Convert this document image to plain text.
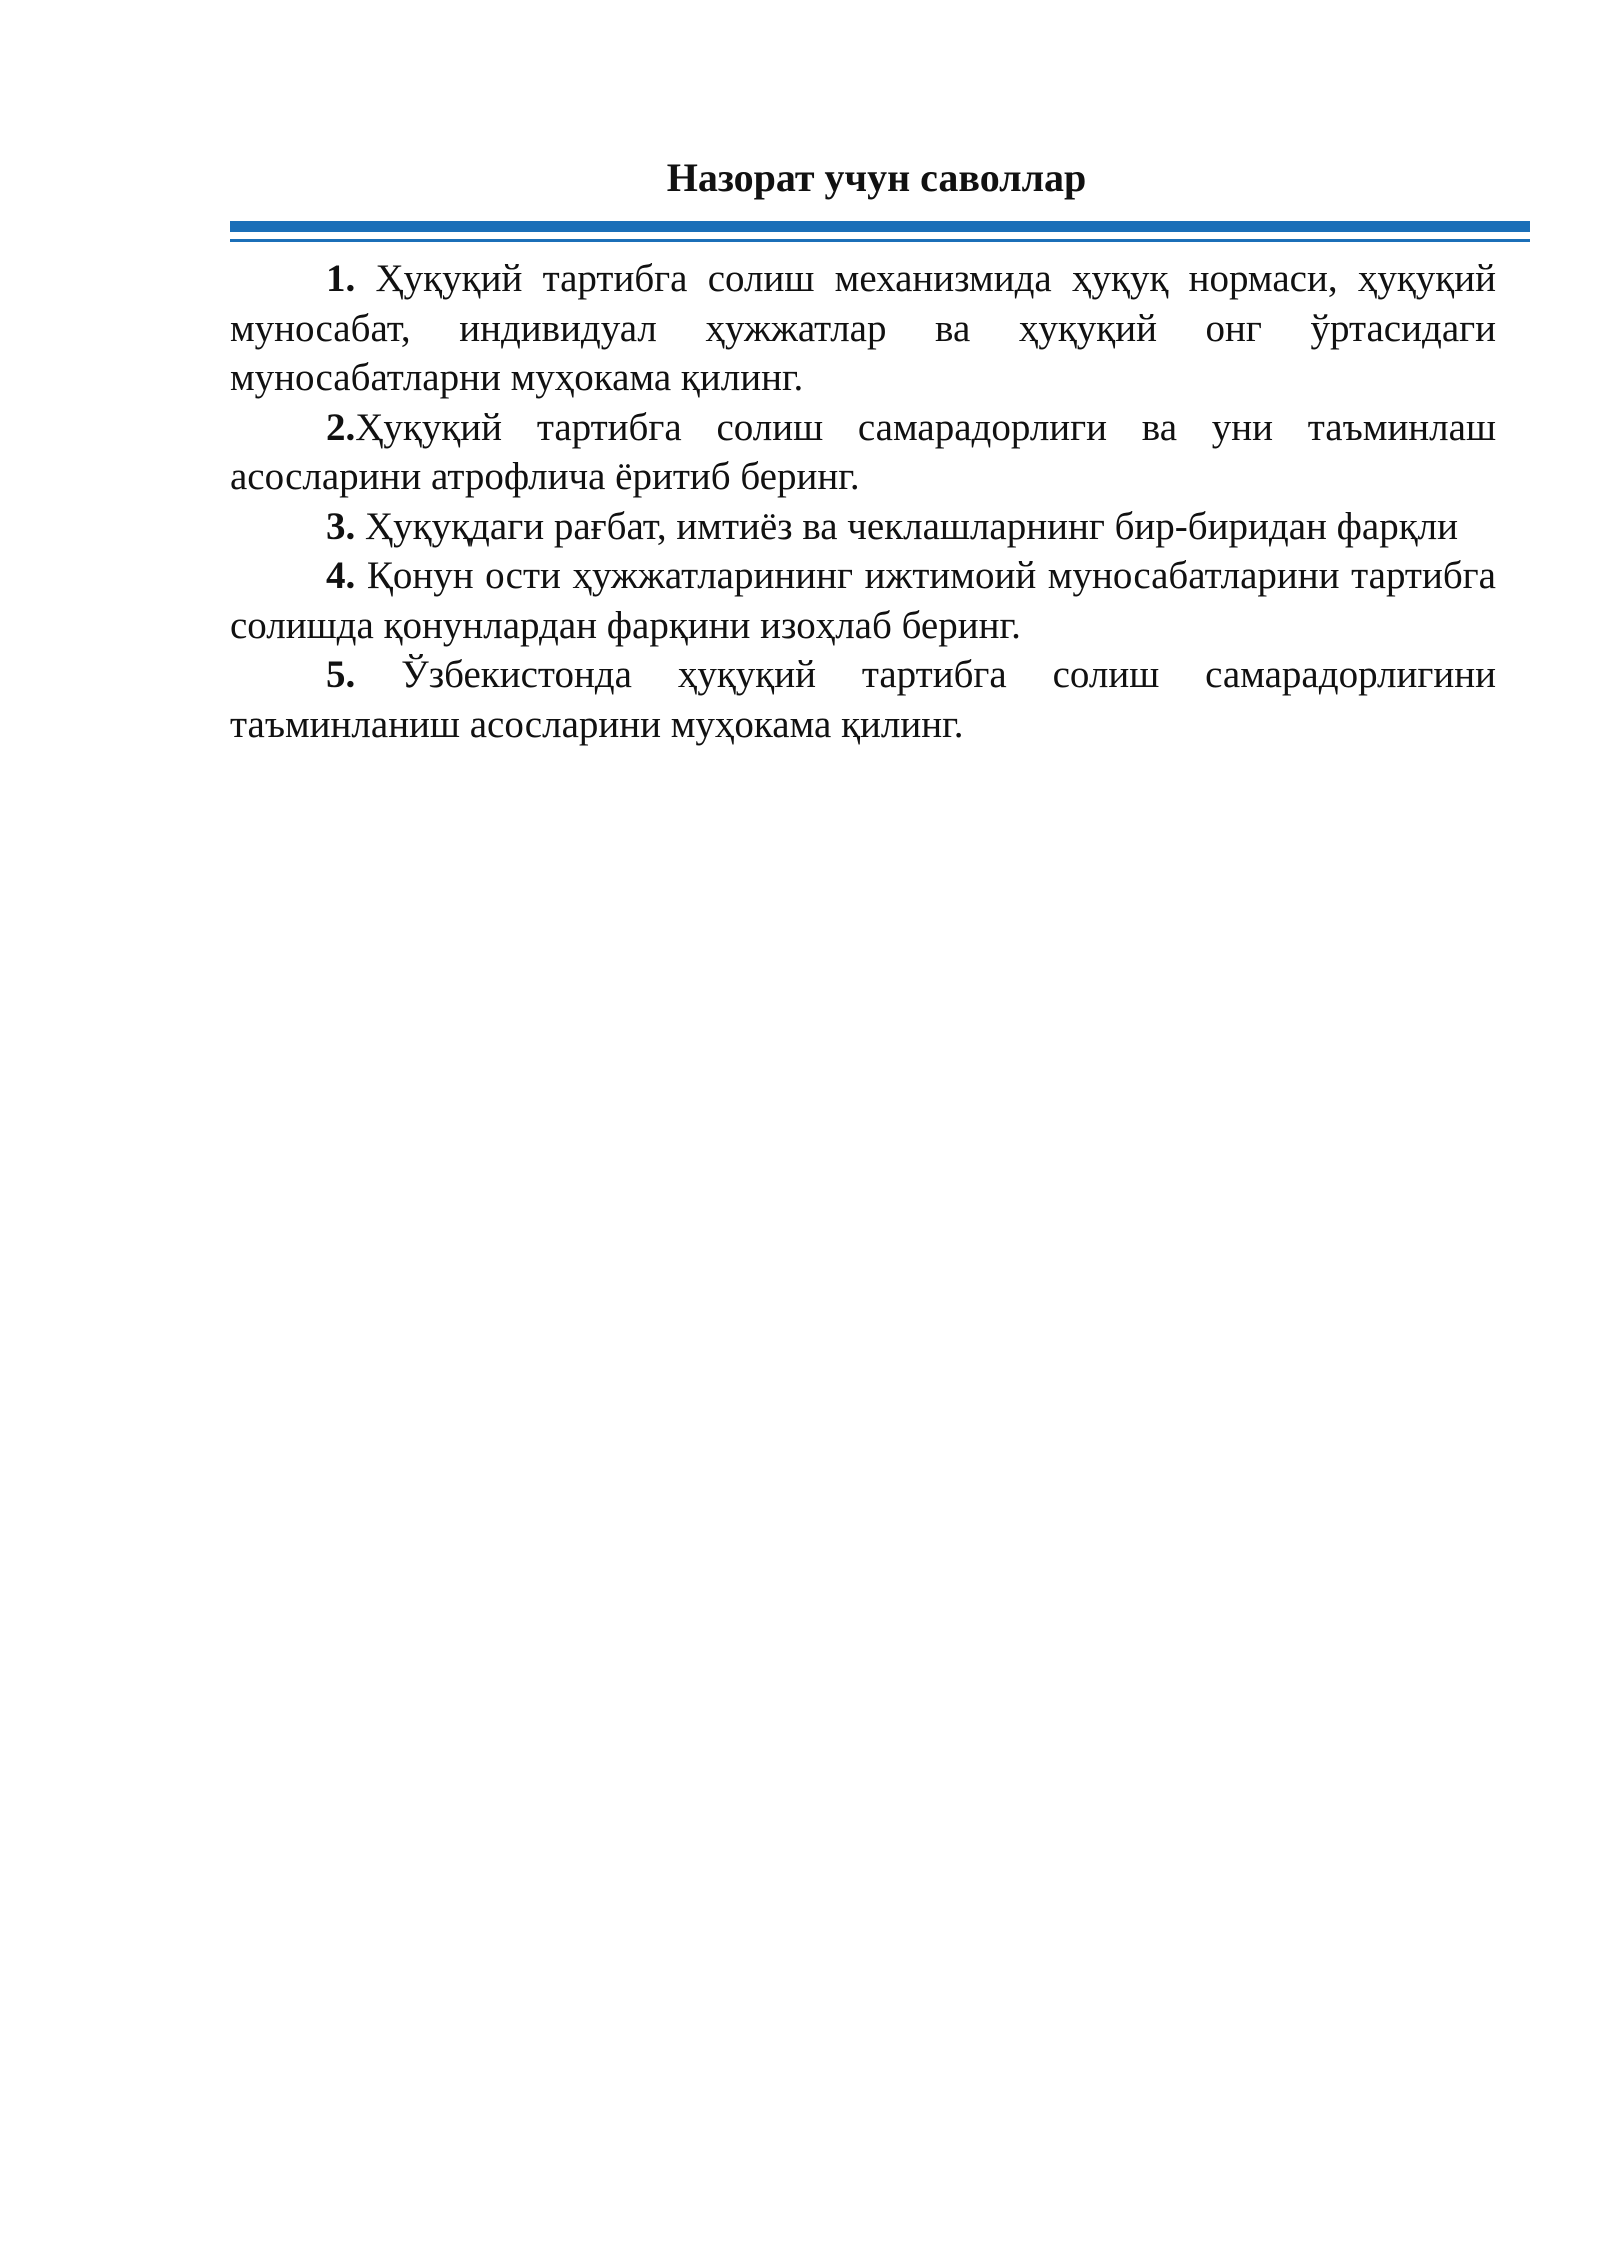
Назорат учун саволлар
1. Ҳуқуқий тартибга солиш механизмида ҳуқуқ нормаси, ҳуқуқий муносабат, индивидуал ҳужжатлар ва ҳуқуқий онг ўртасидаги муносабатларни муҳокама қилинг.
2.Ҳуқуқий тартибга солиш самарадорлиги ва уни таъминлаш асосларини атрофлича ёритиб беринг.
3. Ҳуқуқдаги рағбат, имтиёз ва чеклашларнинг бир-биридан фарқли
4. Қонун ости ҳужжатларининг ижтимоий муносабатларини тартибга солишда қонунлардан фарқини изоҳлаб беринг.
5. Ўзбекистонда ҳуқуқий тартибга солиш самарадорлигини таъминланиш асосларини муҳокама қилинг.
